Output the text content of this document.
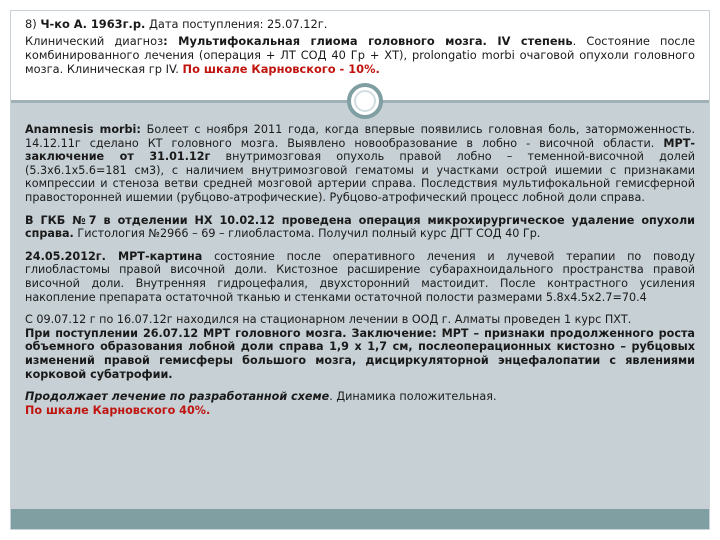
8) Ч-ко А. 1963г.р. Дата поступления: 25.07.12г.

Клинический диагноз: Мультифокальная глиома головного мозга. IV степень. Состояние после комбинированного лечения (операция + ЛТ СОД 40 Гр + ХТ), prolongatio morbi очаговой опухоли головного мозга. Клиническая гр IV. По шкале Карновского - 10%.

Anamnesis morbi: Болеет с ноября 2011 года, когда впервые появились головная боль, заторможенность. 14.12.11г сделано КТ головного мозга. Выявлено новообразование в лобно - височной области. МРТ-заключение от 31.01.12г внутримозговая опухоль правой лобно – теменной-височной долей (5.3х6.1х5.6=181 см3), с наличием внутримозговой гематомы и участками острой ишемии с признаками компрессии и стеноза ветви средней мозговой артерии справа. Последствия мультифокальной гемисферной правосторонней ишемии (рубцово-атрофические). Рубцово-атрофический процесс лобной доли справа.

В ГКБ №7 в отделении НХ 10.02.12 проведена операция микрохирургическое удаление опухоли справа. Гистология №2966 – 69 – глиобластома. Получил полный курс ДГТ СОД 40 Гр.

24.05.2012г. МРТ-картина состояние после оперативного лечения и лучевой терапии по поводу глиобластомы правой височной доли. Кистозное расширение субарахноидального пространства правой височной доли. Внутренняя гидроцефалия, двухсторонний мастоидит. После контрастного усиления накопление препарата остаточной тканью и стенками остаточной полости размерами 5.8х4.5х2.7=70.4

С 09.07.12 г по 16.07.12г находился на стационарном лечении в ООД г. Алматы проведен 1 курс ПХТ.

При поступлении 26.07.12 МРТ головного мозга. Заключение: МРТ – признаки продолженного роста объемного образования лобной доли справа 1,9 х 1,7 см, послеоперационных кистозно – рубцовых изменений правой гемисферы большого мозга, дисциркуляторной энцефалопатии с явлениями корковой субатрофии.

Продолжает лечение по разработанной схеме. Динамика положительная.

По шкале Карновского 40%.
